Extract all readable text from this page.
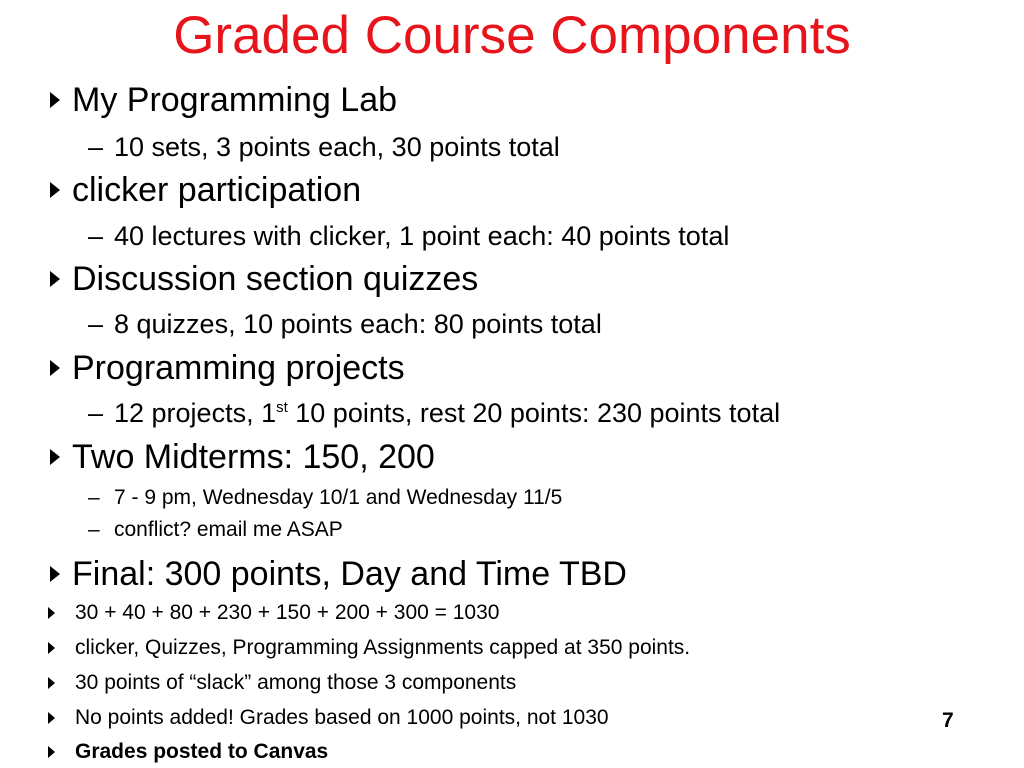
Graded Course Components
My Programming Lab
– 10 sets, 3 points each, 30 points total
clicker participation
– 40 lectures with clicker, 1 point each: 40 points total
Discussion section quizzes
– 8 quizzes, 10 points each: 80 points total
Programming projects
– 12 projects, 1st 10 points, rest 20 points: 230 points total
Two Midterms: 150, 200
– 7 - 9 pm, Wednesday 10/1 and Wednesday 11/5
– conflict? email me ASAP
Final: 300 points, Day and Time TBD
30 + 40 + 80 + 230 + 150 + 200 + 300 = 1030
clicker, Quizzes, Programming Assignments capped at 350 points.
30 points of “slack” among those 3 components
No points added! Grades based on 1000 points, not 1030
Grades posted to Canvas
7
